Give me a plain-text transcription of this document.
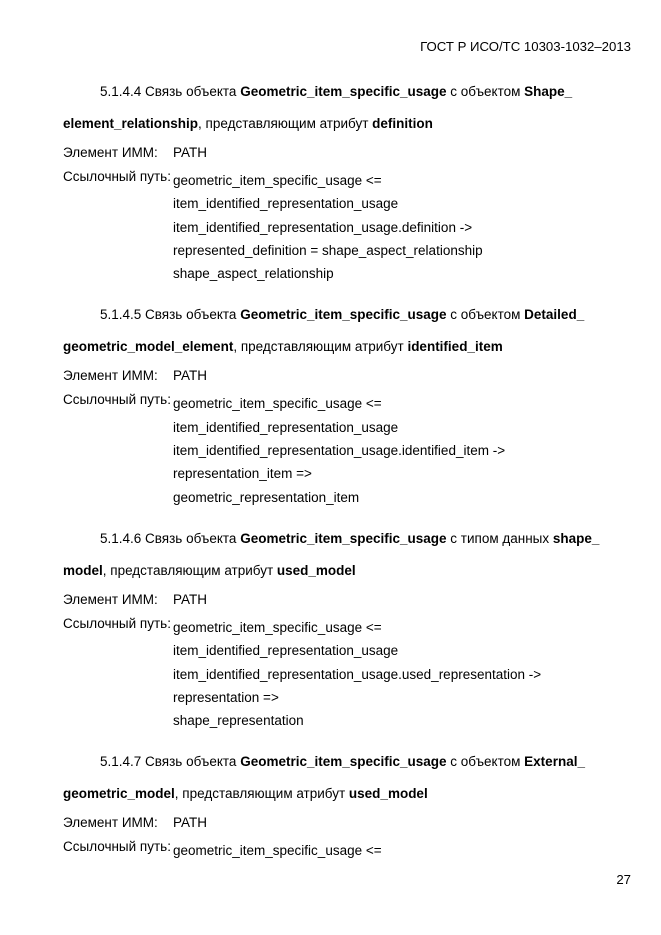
ГОСТ Р ИСО/ТС 10303-1032–2013
5.1.4.4 Связь объекта Geometric_item_specific_usage с объектом Shape_
element_relationship, представляющим атрибут definition
Элемент ИММ:	PATH
Ссылочный путь: geometric_item_specific_usage <=
item_identified_representation_usage
item_identified_representation_usage.definition ->
represented_definition = shape_aspect_relationship
shape_aspect_relationship
5.1.4.5 Связь объекта Geometric_item_specific_usage с объектом Detailed_
geometric_model_element, представляющим атрибут identified_item
Элемент ИММ:	PATH
Ссылочный путь: geometric_item_specific_usage <=
item_identified_representation_usage
item_identified_representation_usage.identified_item ->
representation_item =>
geometric_representation_item
5.1.4.6 Связь объекта Geometric_item_specific_usage с типом данных shape_
model, представляющим атрибут used_model
Элемент ИММ:	PATH
Ссылочный путь: geometric_item_specific_usage <=
item_identified_representation_usage
item_identified_representation_usage.used_representation ->
representation =>
shape_representation
5.1.4.7 Связь объекта Geometric_item_specific_usage с объектом External_
geometric_model, представляющим атрибут used_model
Элемент ИММ:	PATH
Ссылочный путь: geometric_item_specific_usage <=
27
